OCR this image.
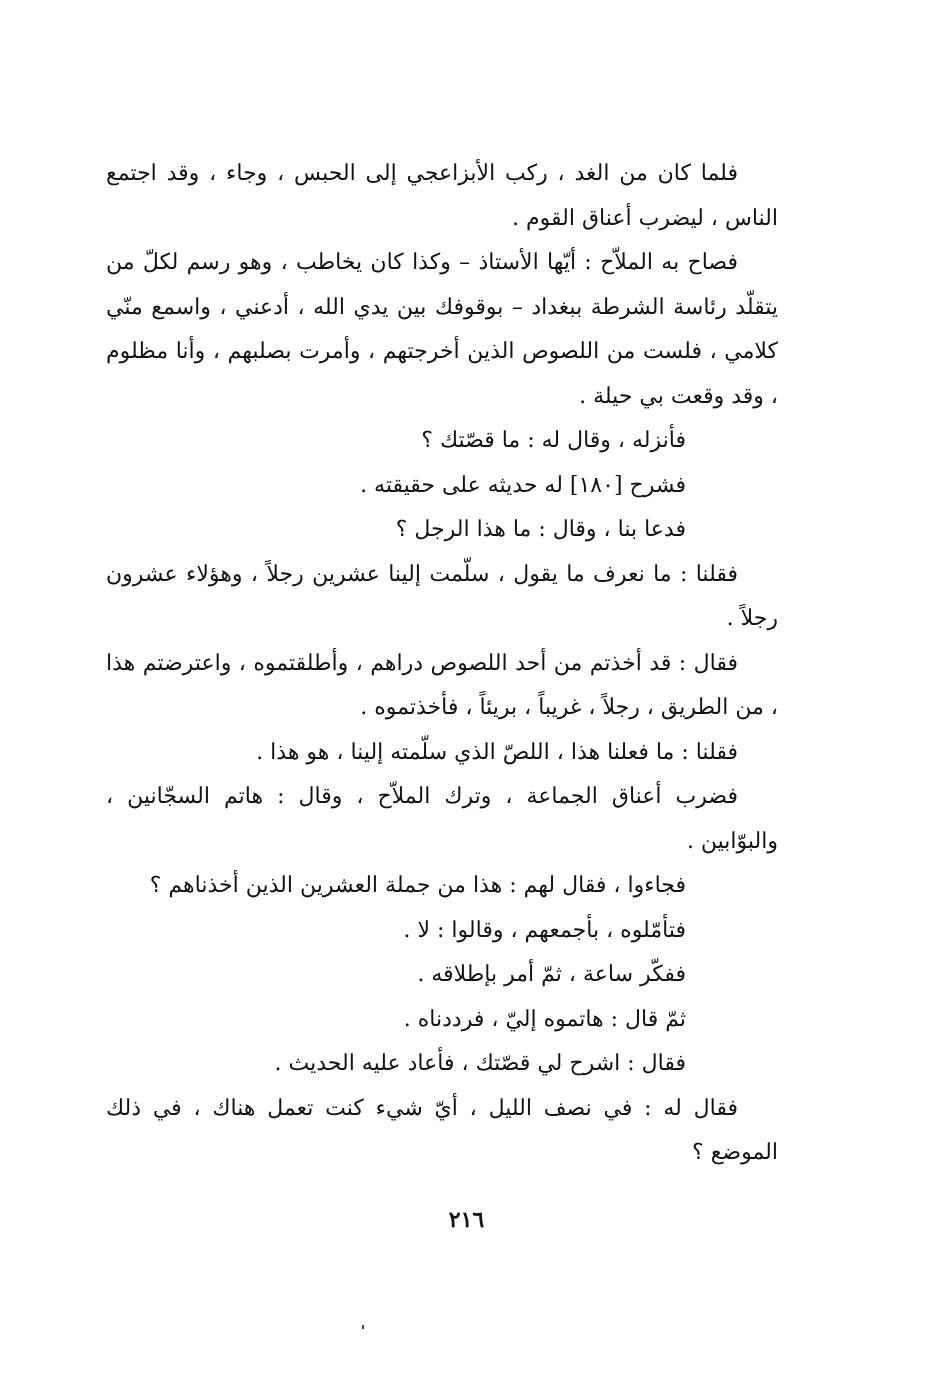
فلما كان من الغد ، ركب الأبزاعجي إلى الحبس ، وجاء ، وقد اجتمع الناس ، ليضرب أعناق القوم .

فصاح به الملاّح : أيّها الأستاذ – وكذا كان يخاطب ، وهو رسم لكلّ من يتقلّد رئاسة الشرطة ببغداد – بوقوفك بين يدي الله ، أدعني ، واسمع منّي كلامي ، فلست من اللصوص الذين أخرجتهم ، وأمرت بصلبهم ، وأنا مظلوم ، وقد وقعت بي حيلة .

فأنزله ، وقال له : ما قصّتك ؟

فشرح [١٨٠] له حديثه على حقيقته .

فدعا بنا ، وقال : ما هذا الرجل ؟

فقلنا : ما نعرف ما يقول ، سلّمت إلينا عشرين رجلاً ، وهؤلاء عشرون رجلاً .

فقال : قد أخذتم من أحد اللصوص دراهم ، وأطلقتموه ، واعترضتم هذا ، من الطريق ، رجلاً ، غريباً ، بريئاً ، فأخذتموه .

فقلنا : ما فعلنا هذا ، اللصّ الذي سلّمته إلينا ، هو هذا .

فضرب أعناق الجماعة ، وترك الملاّح ، وقال : هاتم السجّانين ، والبوّابين .

فجاءوا ، فقال لهم : هذا من جملة العشرين الذين أخذناهم ؟

فتأمّلوه ، بأجمعهم ، وقالوا : لا .

ففكّر ساعة ، ثمّ أمر بإطلاقه .

ثمّ قال : هاتموه إليّ ، فرددناه .

فقال : اشرح لي قصّتك ، فأعاد عليه الحديث .

فقال له : في نصف الليل ، أيّ شيء كنت تعمل هناك ، في ذلك الموضع ؟

٢١٦
